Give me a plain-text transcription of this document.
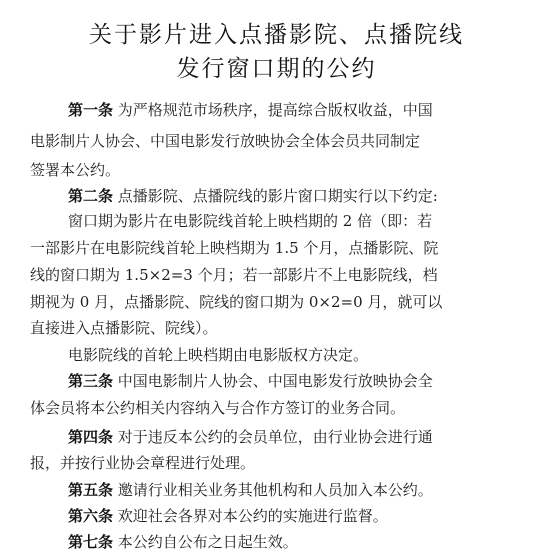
关于影片进入点播影院、点播院线
发行窗口期的公约
第一条 为严格规范市场秩序，提高综合版权收益，中国
电影制片人协会、中国电影发行放映协会全体会员共同制定
签署本公约。
第二条 点播影院、点播院线的影片窗口期实行以下约定:
窗口期为影片在电影院线首轮上映档期的 2 倍（即：若
一部影片在电影院线首轮上映档期为 1.5 个月，点播影院、院
线的窗口期为 1.5×2=3 个月；若一部影片不上电影院线，档
期视为 0 月，点播影院、院线的窗口期为 0×2=0 月，就可以
直接进入点播影院、院线）。
电影院线的首轮上映档期由电影版权方决定。
第三条 中国电影制片人协会、中国电影发行放映协会全
体会员将本公约相关内容纳入与合作方签订的业务合同。
第四条 对于违反本公约的会员单位，由行业协会进行通
报，并按行业协会章程进行处理。
第五条 邀请行业相关业务其他机构和人员加入本公约。
第六条 欢迎社会各界对本公约的实施进行监督。
第七条 本公约自公布之日起生效。
